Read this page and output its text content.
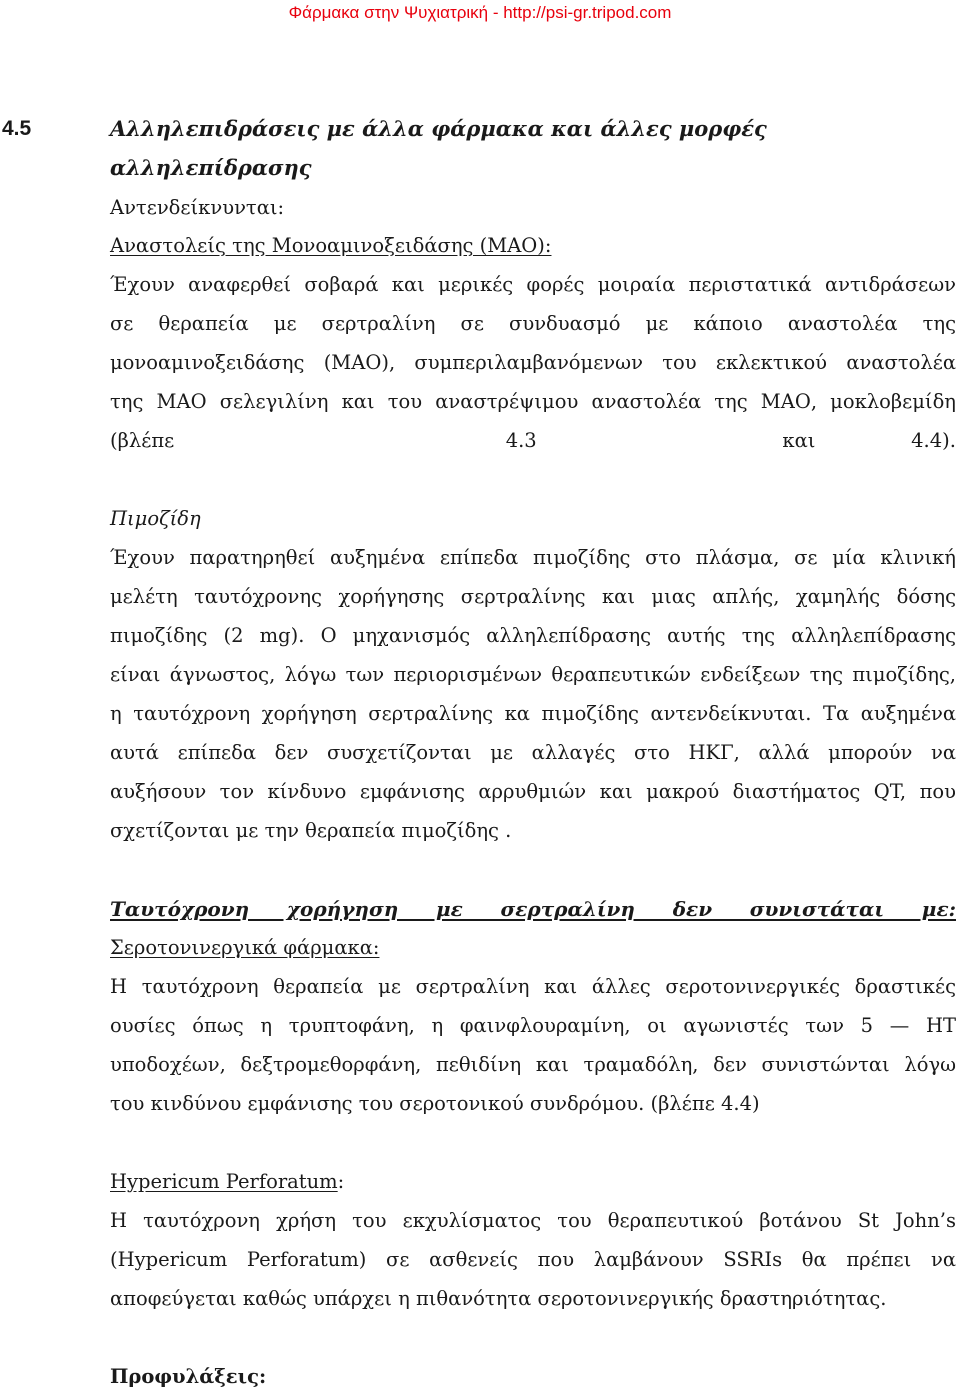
Φάρμακα στην Ψυχιατρική - http://psi-gr.tripod.com
4.5	Αλληλεπιδράσεις με άλλα φάρμακα και άλλες μορφές
αλληλεπίδρασης
Αντενδείκνυνται:
Αναστολείς της Μονοαμινοξειδάσης (ΜΑΟ):
Έχουν αναφερθεί σοβαρά και μερικές φορές μοιραία περιστατικά αντιδράσεων
σε θεραπεία με σερτραλίνη σε συνδυασμό με κάποιο αναστολέα της
μονοαμινοξειδάσης (ΜΑΟ), συμπεριλαμβανόμενων του εκλεκτικού αναστολέα
της ΜΑΟ σελεγιλίνη και του αναστρέψιμου αναστολέα της ΜΑΟ, μοκλοβεμίδη
(βλέπε	4.3	και	4.4).
Πιμοζίδη
Έχουν παρατηρηθεί αυξημένα επίπεδα πιμοζίδης στο πλάσμα, σε μία κλινική
μελέτη ταυτόχρονης χορήγησης σερτραλίνης και μιας απλής, χαμηλής δόσης
πιμοζίδης (2 mg). Ο μηχανισμός αλληλεπίδρασης αυτής της αλληλεπίδρασης
είναι άγνωστος, λόγω των περιορισμένων θεραπευτικών ενδείξεων της πιμοζίδης,
η ταυτόχρονη χορήγηση σερτραλίνης κα πιμοζίδης αντενδείκνυται. Τα αυξημένα
αυτά επίπεδα δεν συσχετίζονται με αλλαγές στο ΗΚΓ, αλλά μπορούν να
αυξήσουν τον κίνδυνο εμφάνισης αρρυθμιών και μακρού διαστήματος QT, που
σχετίζονται με την θεραπεία πιμοζίδης .
Ταυτόχρονη χορήγηση με σερτραλίνη δεν συνιστάται με:
Σεροτονινεργικά φάρμακα:
Η ταυτόχρονη θεραπεία με σερτραλίνη και άλλες σεροτονινεργικές δραστικές
ουσίες όπως η τρυπτοφάνη, η φαινφλουραμίνη, οι αγωνιστές των 5 — ΗΤ
υποδοχέων, δεξτρομεθορφάνη, πεθιδίνη και τραμαδόλη, δεν συνιστώνται λόγω
του κινδύνου εμφάνισης του σεροτονικού συνδρόμου. (βλέπε 4.4)
Hypericum Perforatum:
Η ταυτόχρονη χρήση του εκχυλίσματος του θεραπευτικού βοτάνου St John’s
(Hypericum Perforatum) σε ασθενείς που λαμβάνουν SSRIs θα πρέπει να
αποφεύγεται καθώς υπάρχει η πιθανότητα σεροτονινεργικής δραστηριότητας.
Προφυλάξεις:
